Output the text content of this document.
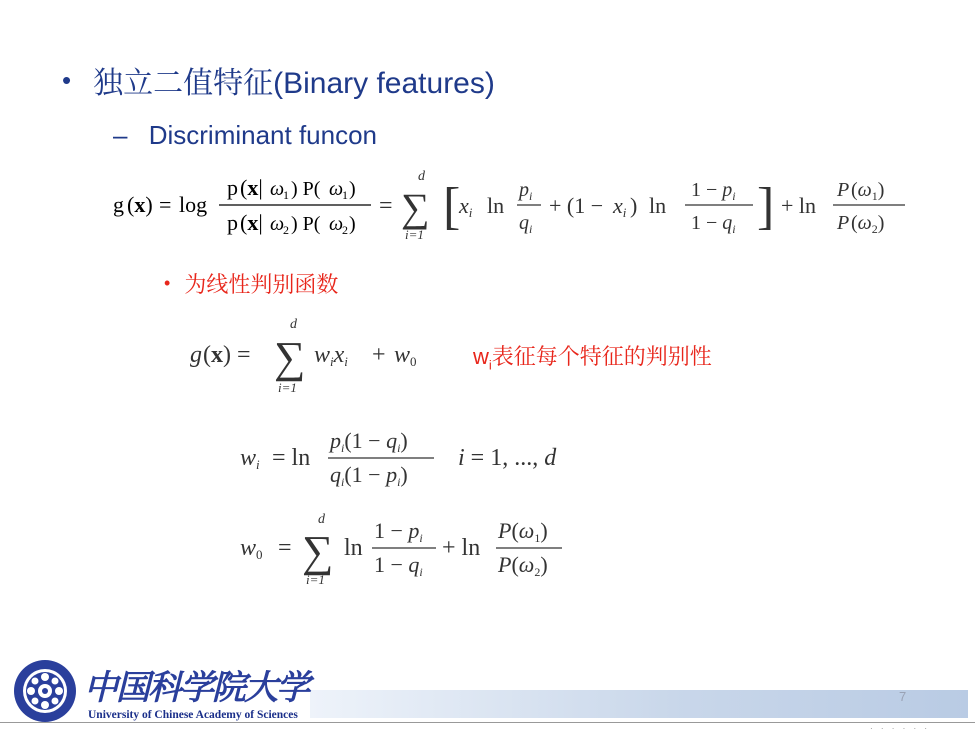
• 独立二值特征(Binary features)
– Discriminant funcon
g (x) = log
p (x| ω
1 ) P( ω
1 )
p (x| ω
2 ) P( ω
2 )
= ∑
d
i=1 [
xi ln
$p_i$
$q_i$
+ (1 − xi ) ln
$1 - p_i$
$1 - q_i$ ] + ln
P $(\omega_1)$
P $(\omega_2)$
• 为线性判别函数
g (x) = ∑
d
i=1
wixi + w0	$w_i$表征每个特征的判别性
wi = ln
pi(1 − qi)
qi(1 − pi)
i = 1, ..., d
w0 = ∑
d
i=1
ln
1 − pi
1 − qi
+ ln
P(ω1)
P(ω2)
7
· · · · · ·
中国科学院大学
University of Chinese Academy of Sciences
